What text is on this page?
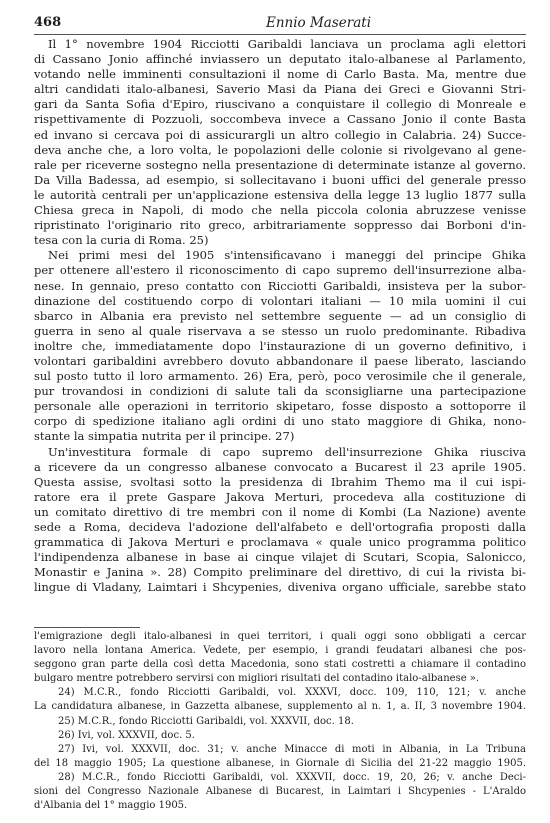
468	Ennio Maserati
Il 1° novembre 1904 Ricciotti Garibaldi lanciava un proclama agli elettori
di Cassano Jonio affinché inviassero un deputato italo-albanese al Parlamento,
votando nelle imminenti consultazioni il nome di Carlo Basta. Ma, mentre due
altri candidati italo-albanesi, Saverio Masi da Piana dei Greci e Giovanni Stri-
gari da Santa Sofia d'Epiro, riuscivano a conquistare il collegio di Monreale e
rispettivamente di Pozzuoli, soccombeva invece a Cassano Jonio il conte Basta
ed invano si cercava poi di assicurargli un altro collegio in Calabria. 24) Succe-
deva anche che, a loro volta, le popolazioni delle colonie si rivolgevano al gene-
rale per riceverne sostegno nella presentazione di determinate istanze al governo.
Da Villa Badessa, ad esempio, si sollecitavano i buoni uffici del generale presso
le autorità centrali per un'applicazione estensiva della legge 13 luglio 1877 sulla
Chiesa greca in Napoli, di modo che nella piccola colonia abruzzese venisse
ripristinato l'originario rito greco, arbitrariamente soppresso dai Borboni d'in-
tesa con la curia di Roma. 25)
Nei primi mesi del 1905 s'intensificavano i maneggi del principe Ghika
per ottenere all'estero il riconoscimento di capo supremo dell'insurrezione alba-
nese. In gennaio, preso contatto con Ricciotti Garibaldi, insisteva per la subor-
dinazione del costituendo corpo di volontari italiani — 10 mila uomini il cui
sbarco in Albania era previsto nel settembre seguente — ad un consiglio di
guerra in seno al quale riservava a se stesso un ruolo predominante. Ribadiva
inoltre che, immediatamente dopo l'instaurazione di un governo definitivo, i
volontari garibaldini avrebbero dovuto abbandonare il paese liberato, lasciando
sul posto tutto il loro armamento. 26) Era, però, poco verosimile che il generale,
pur trovandosi in condizioni di salute tali da sconsigliarne una partecipazione
personale alle operazioni in territorio skipetaro, fosse disposto a sottoporre il
corpo di spedizione italiano agli ordini di uno stato maggiore di Ghika, nono-
stante la simpatia nutrita per il principe. 27)
Un'investitura formale di capo supremo dell'insurrezione Ghika riusciva
a ricevere da un congresso albanese convocato a Bucarest il 23 aprile 1905.
Questa assise, svoltasi sotto la presidenza di Ibrahim Themo ma il cui ispi-
ratore era il prete Gaspare Jakova Merturi, procedeva alla costituzione di
un comitato direttivo di tre membri con il nome di Kombi (La Nazione) avente
sede a Roma, decideva l'adozione dell'alfabeto e dell'ortografia proposti dalla
grammatica di Jakova Merturi e proclamava « quale unico programma politico
l'indipendenza albanese in base ai cinque vilajet di Scutari, Scopia, Salonicco,
Monastir e Janina ». 28) Compito preliminare del direttivo, di cui la rivista bi-
lingue di Vladany, Laimtari i Shcypenies, diveniva organo ufficiale, sarebbe stato
l'emigrazione degli italo-albanesi in quei territori, i quali oggi sono obbligati a cercar
lavoro nella lontana America. Vedete, per esempio, i grandi feudatari albanesi che pos-
seggono gran parte della così detta Macedonia, sono stati costretti a chiamare il contadino
bulgaro mentre potrebbero servirsi con migliori risultati del contadino italo-albanese ».
24) M.C.R., fondo Ricciotti Garibaldi, vol. XXXVI, docc. 109, 110, 121; v. anche
La candidatura albanese, in Gazzetta albanese, supplemento al n. 1, a. II, 3 novembre 1904.
25) M.C.R., fondo Ricciotti Garibaldi, vol. XXXVII, doc. 18.
26) Ivi, vol. XXXVII, doc. 5.
27) Ivi, vol. XXXVII, doc. 31; v. anche Minacce di moti in Albania, in La Tribuna
del 18 maggio 1905; La questione albanese, in Giornale di Sicilia del 21-22 maggio 1905.
28) M.C.R., fondo Ricciotti Garibaldi, vol. XXXVII, docc. 19, 20, 26; v. anche Deci-
sioni del Congresso Nazionale Albanese di Bucarest, in Laimtari i Shcypenies - L'Araldo
d'Albania del 1° maggio 1905.
